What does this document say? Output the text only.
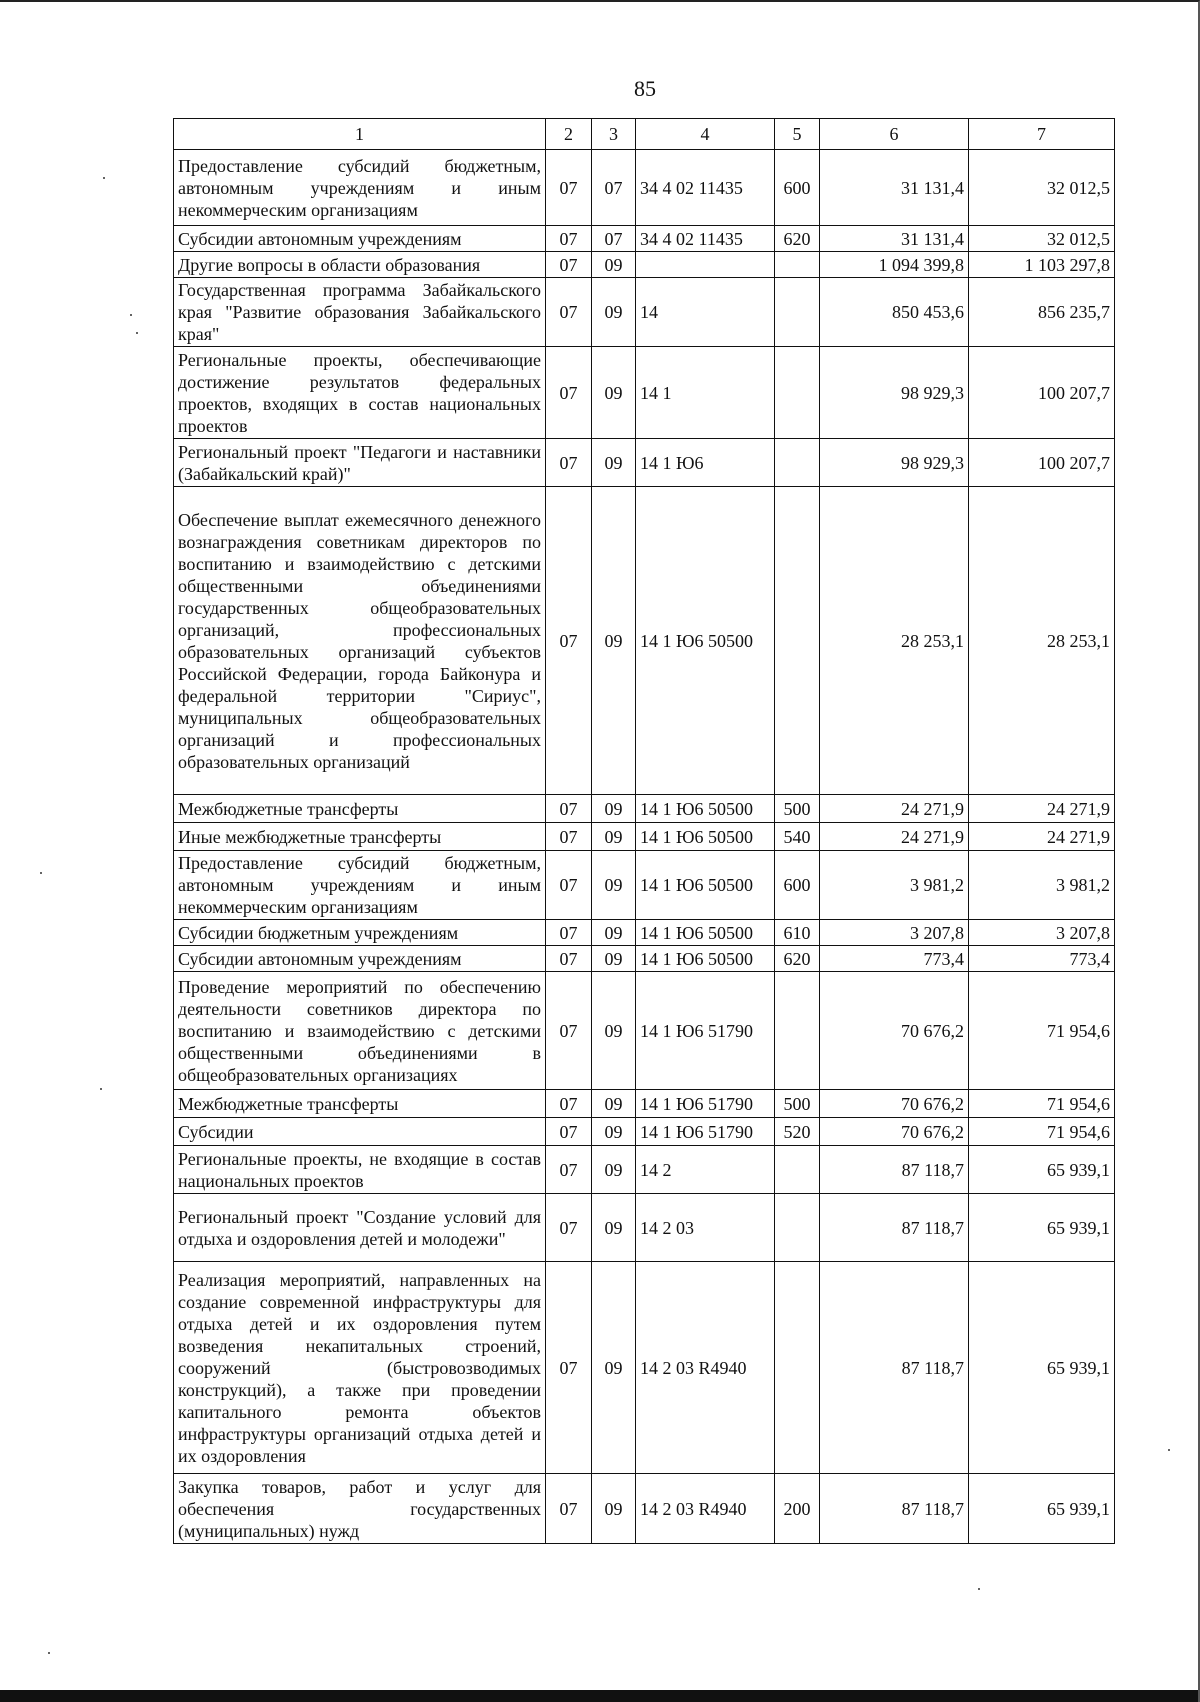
85
1	2	3	4	5	6	7
Предоставление субсидий бюджетным, автономным учреждениям и иным некоммерческим организациям	07	07	34 4 02 11435	600	31 131,4	32 012,5
Субсидии автономным учреждениям	07	07	34 4 02 11435	620	31 131,4	32 012,5
Другие вопросы в области образования	07	09			1 094 399,8	1 103 297,8
Государственная программа Забайкальского края "Развитие образования Забайкальского края"	07	09	14		850 453,6	856 235,7
Региональные проекты, обеспечивающие достижение результатов федеральных проектов, входящих в состав национальных проектов	07	09	14 1		98 929,3	100 207,7
Региональный проект "Педагоги и наставники (Забайкальский край)"	07	09	14 1 Ю6		98 929,3	100 207,7
Обеспечение выплат ежемесячного денежного вознаграждения советникам директоров по воспитанию и взаимодействию с детскими общественными объединениями государственных общеобразовательных организаций, профессиональных образовательных организаций субъектов Российской Федерации, города Байконура и федеральной территории "Сириус", муниципальных общеобразовательных организаций и профессиональных образовательных организаций	07	09	14 1 Ю6 50500		28 253,1	28 253,1
Межбюджетные трансферты	07	09	14 1 Ю6 50500	500	24 271,9	24 271,9
Иные межбюджетные трансферты	07	09	14 1 Ю6 50500	540	24 271,9	24 271,9
Предоставление субсидий бюджетным, автономным учреждениям и иным некоммерческим организациям	07	09	14 1 Ю6 50500	600	3 981,2	3 981,2
Субсидии бюджетным учреждениям	07	09	14 1 Ю6 50500	610	3 207,8	3 207,8
Субсидии автономным учреждениям	07	09	14 1 Ю6 50500	620	773,4	773,4
Проведение мероприятий по обеспечению деятельности советников директора по воспитанию и взаимодействию с детскими общественными объединениями в общеобразовательных организациях	07	09	14 1 Ю6 51790		70 676,2	71 954,6
Межбюджетные трансферты	07	09	14 1 Ю6 51790	500	70 676,2	71 954,6
Субсидии	07	09	14 1 Ю6 51790	520	70 676,2	71 954,6
Региональные проекты, не входящие в состав национальных проектов	07	09	14 2		87 118,7	65 939,1
Региональный проект "Создание условий для отдыха и оздоровления детей и молодежи"	07	09	14 2 03		87 118,7	65 939,1
Реализация мероприятий, направленных на создание современной инфраструктуры для отдыха детей и их оздоровления путем возведения некапитальных строений, сооружений (быстровозводимых конструкций), а также при проведении капитального ремонта объектов инфраструктуры организаций отдыха детей и их оздоровления	07	09	14 2 03 R4940		87 118,7	65 939,1
Закупка товаров, работ и услуг для обеспечения государственных (муниципальных) нужд	07	09	14 2 03 R4940	200	87 118,7	65 939,1
